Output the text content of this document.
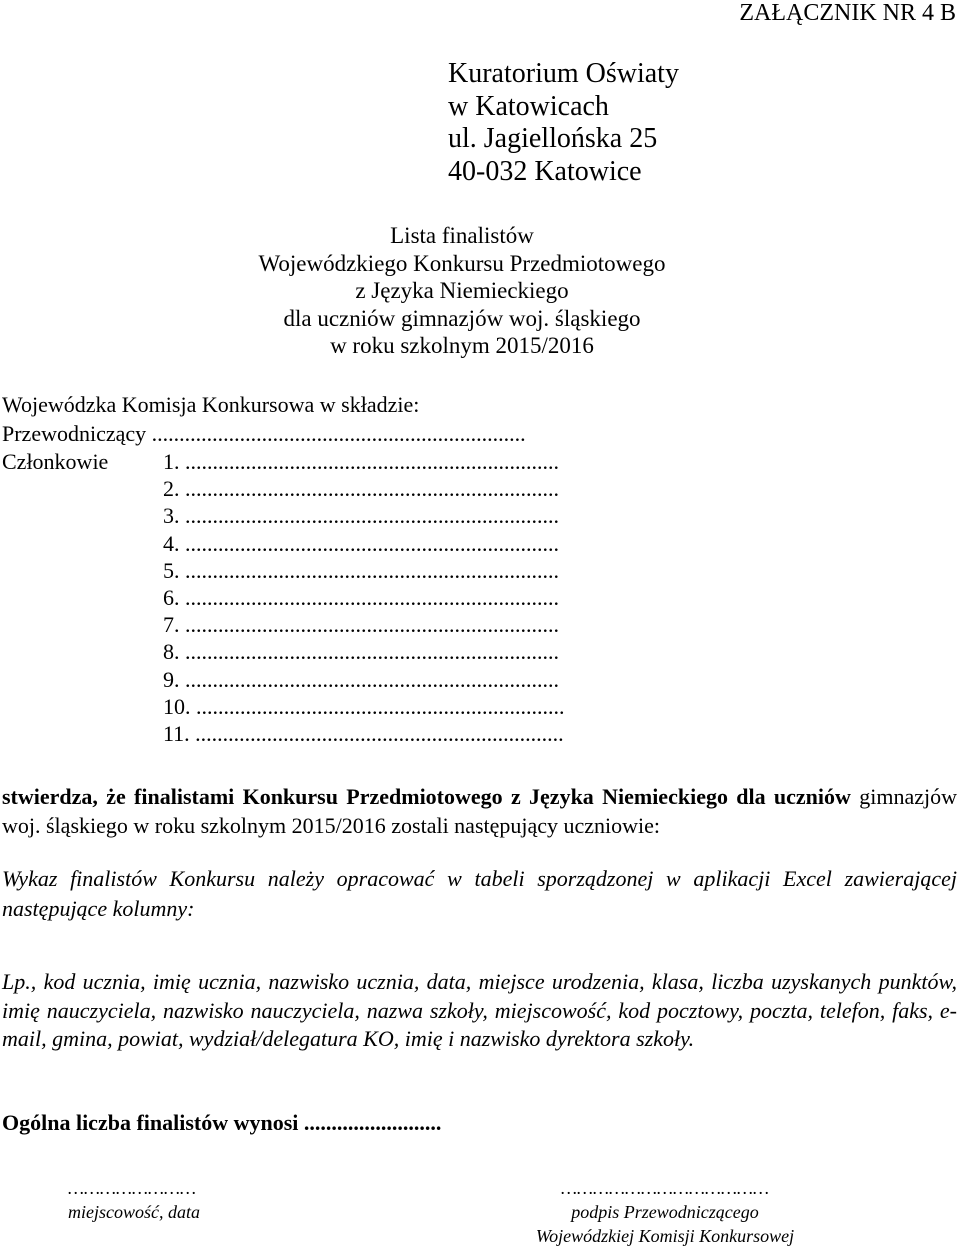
ZAŁĄCZNIK NR 4 B
Kuratorium Oświaty
w Katowicach
ul. Jagiellońska 25
40-032 Katowice
Lista finalistów
Wojewódzkiego Konkursu Przedmiotowego
z Języka Niemieckiego
dla uczniów gimnazjów woj. śląskiego
w roku szkolnym 2015/2016
Wojewódzka Komisja Konkursowa w składzie:
Przewodniczący ....................................................................
Członkowie	1. ....................................................................
2. ....................................................................
3. ....................................................................
4. ....................................................................
5. ....................................................................
6. ....................................................................
7. ....................................................................
8. ....................................................................
9. ....................................................................
10. ...................................................................
11. ...................................................................
stwierdza, że finalistami Konkursu Przedmiotowego z Języka Niemieckiego dla uczniów gimnazjów woj. śląskiego w roku szkolnym 2015/2016 zostali następujący uczniowie:
Wykaz finalistów Konkursu należy opracować w tabeli sporządzonej w aplikacji Excel zawierającej następujące kolumny:
Lp., kod ucznia, imię ucznia, nazwisko ucznia, data, miejsce urodzenia, klasa, liczba uzyskanych punktów, imię nauczyciela, nazwisko nauczyciela, nazwa szkoły, miejscowość, kod pocztowy, poczta, telefon, faks, e-mail, gmina, powiat, wydział/delegatura KO, imię i nazwisko dyrektora szkoły.
Ogólna liczba finalistów wynosi .........................
……………………
miejscowość, data
…………………………………
podpis Przewodniczącego
Wojewódzkiej Komisji Konkursowej
